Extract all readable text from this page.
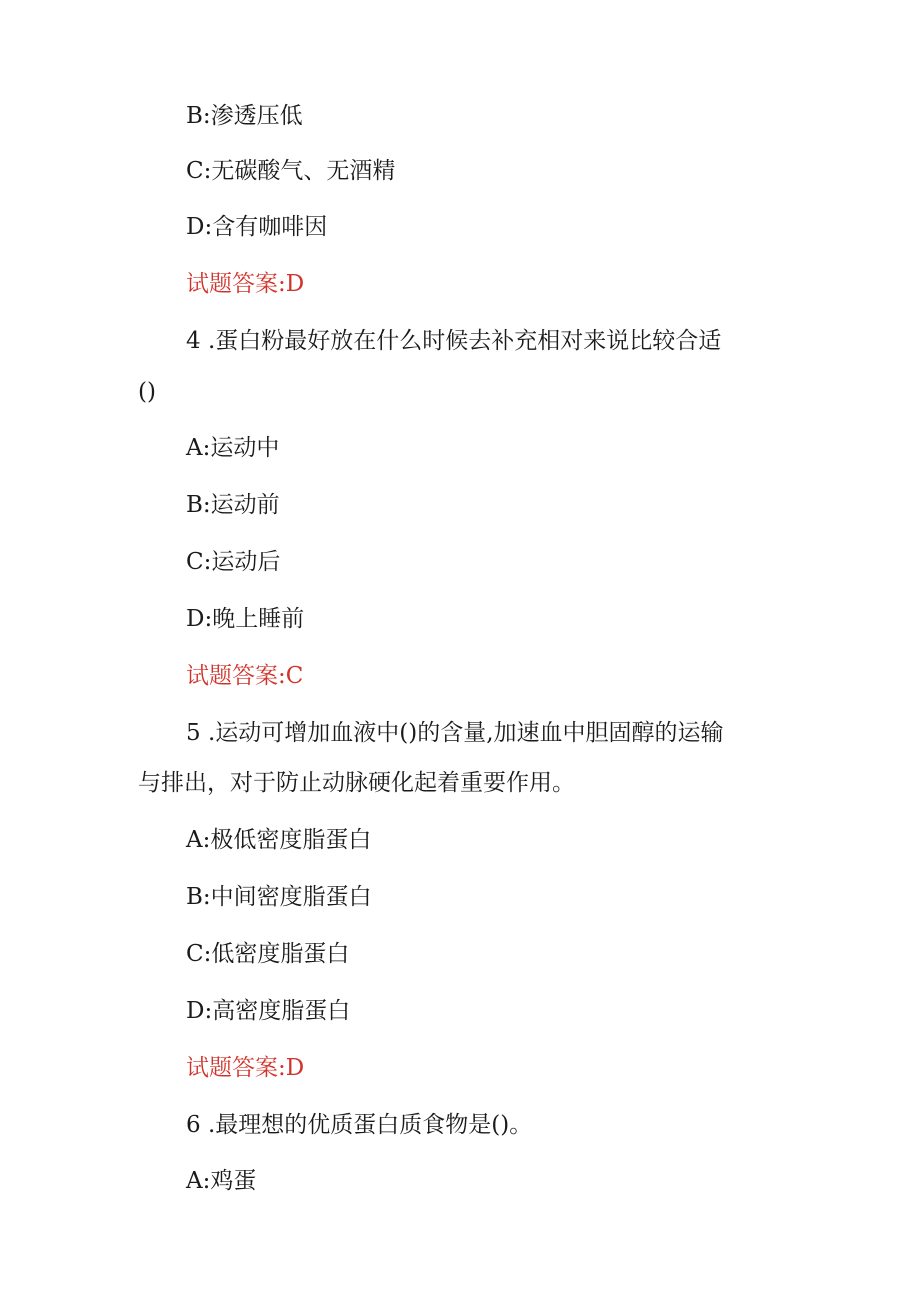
B:渗透压低
C:无碳酸气、无酒精
D:含有咖啡因
试题答案:D
4 .蛋白粉最好放在什么时候去补充相对来说比较合适
()
A:运动中
B:运动前
C:运动后
D:晚上睡前
试题答案:C
5 .运动可增加血液中()的含量,加速血中胆固醇的运输
与排出，对于防止动脉硬化起着重要作用。
A:极低密度脂蛋白
B:中间密度脂蛋白
C:低密度脂蛋白
D:高密度脂蛋白
试题答案:D
6 .最理想的优质蛋白质食物是()。
A:鸡蛋
